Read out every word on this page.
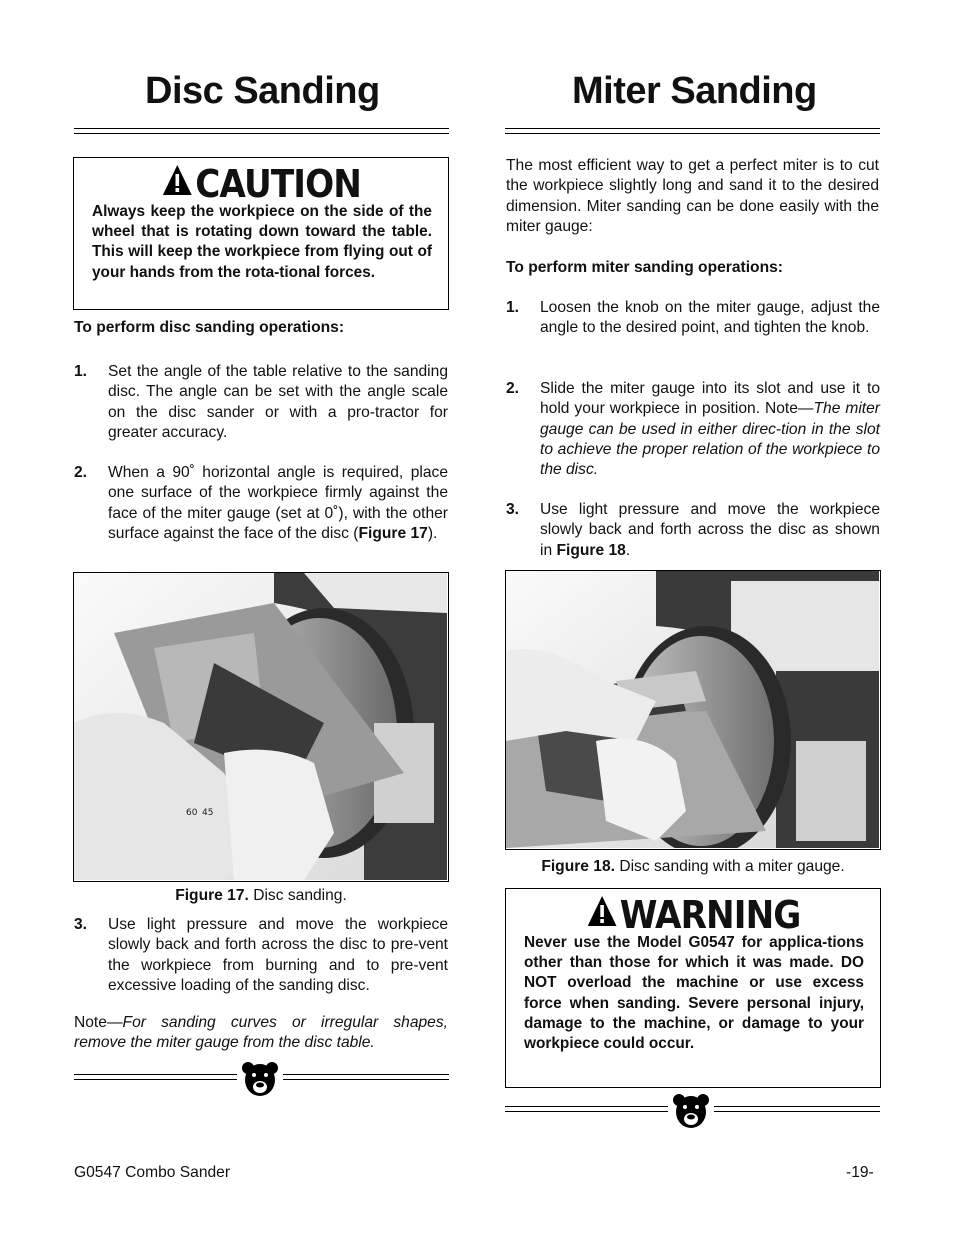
Disc Sanding
CAUTION
Always keep the workpiece on the side of the wheel that is rotating down toward the table. This will keep the workpiece from flying out of your hands from the rota-tional forces.
To perform disc sanding operations:
1. Set the angle of the table relative to the sanding disc. The angle can be set with the angle scale on the disc sander or with a pro-tractor for greater accuracy.
2. When a 90˚ horizontal angle is required, place one surface of the workpiece firmly against the face of the miter gauge (set at 0˚), with the other surface against the face of the disc (Figure 17).
60 45
Figure 17. Disc sanding.
3. Use light pressure and move the workpiece slowly back and forth across the disc to pre-vent the workpiece from burning and to pre-vent excessive loading of the sanding disc.
Note—For sanding curves or irregular shapes, remove the miter gauge from the disc table.
Miter Sanding
The most efficient way to get a perfect miter is to cut the workpiece slightly long and sand it to the desired dimension. Miter sanding can be done easily with the miter gauge:
To perform miter sanding operations:
1. Loosen the knob on the miter gauge, adjust the angle to the desired point, and tighten the knob.
2. Slide the miter gauge into its slot and use it to hold your workpiece in position. Note—The miter gauge can be used in either direc-tion in the slot to achieve the proper relation of the workpiece to the disc.
3. Use light pressure and move the workpiece slowly back and forth across the disc as shown in Figure 18.
Figure 18. Disc sanding with a miter gauge.
WARNING
Never use the Model G0547 for applica-tions other than those for which it was made. DO NOT overload the machine or use excess force when sanding. Severe personal injury, damage to the machine, or damage to your workpiece could occur.
G0547 Combo Sander	-19-
